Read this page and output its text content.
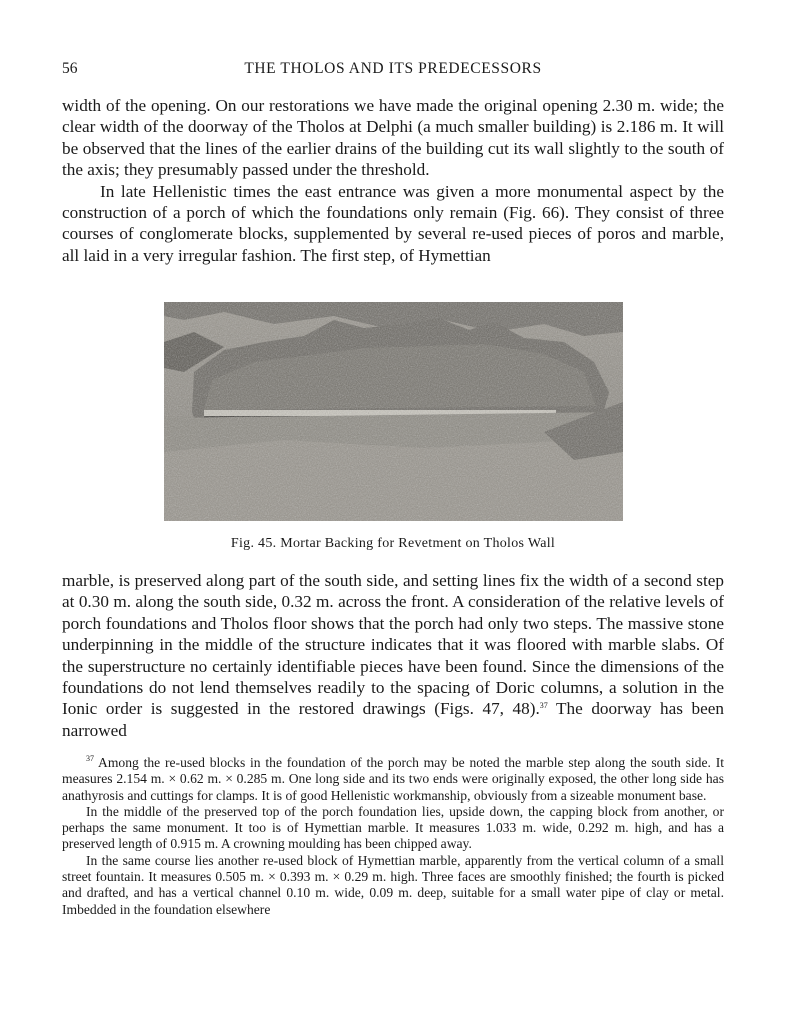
56	THE THOLOS AND ITS PREDECESSORS

width of the opening. On our restorations we have made the original opening 2.30 m. wide; the clear width of the doorway of the Tholos at Delphi (a much smaller building) is 2.186 m. It will be observed that the lines of the earlier drains of the building cut its wall slightly to the south of the axis; they presumably passed under the threshold.

In late Hellenistic times the east entrance was given a more monumental aspect by the construction of a porch of which the foundations only remain (Fig. 66). They consist of three courses of conglomerate blocks, supplemented by several re-used pieces of poros and marble, all laid in a very irregular fashion. The first step, of Hymettian

Fig. 45. Mortar Backing for Revetment on Tholos Wall

marble, is preserved along part of the south side, and setting lines fix the width of a second step at 0.30 m. along the south side, 0.32 m. across the front. A consideration of the relative levels of porch foundations and Tholos floor shows that the porch had only two steps. The massive stone underpinning in the middle of the structure indicates that it was floored with marble slabs. Of the superstructure no certainly identifiable pieces have been found. Since the dimensions of the foundations do not lend themselves readily to the spacing of Doric columns, a solution in the Ionic order is suggested in the restored drawings (Figs. 47, 48).$^{37}$ The doorway has been narrowed

$^{37}$ Among the re-used blocks in the foundation of the porch may be noted the marble step along the south side. It measures 2.154 m. × 0.62 m. × 0.285 m. One long side and its two ends were originally exposed, the other long side has anathyrosis and cuttings for clamps. It is of good Hellenistic workmanship, obviously from a sizeable monument base.

In the middle of the preserved top of the porch foundation lies, upside down, the capping block from another, or perhaps the same monument. It too is of Hymettian marble. It measures 1.033 m. wide, 0.292 m. high, and has a preserved length of 0.915 m. A crowning moulding has been chipped away.

In the same course lies another re-used block of Hymettian marble, apparently from the vertical column of a small street fountain. It measures 0.505 m. × 0.393 m. × 0.29 m. high. Three faces are smoothly finished; the fourth is picked and drafted, and has a vertical channel 0.10 m. wide, 0.09 m. deep, suitable for a small water pipe of clay or metal. Imbedded in the foundation elsewhere
